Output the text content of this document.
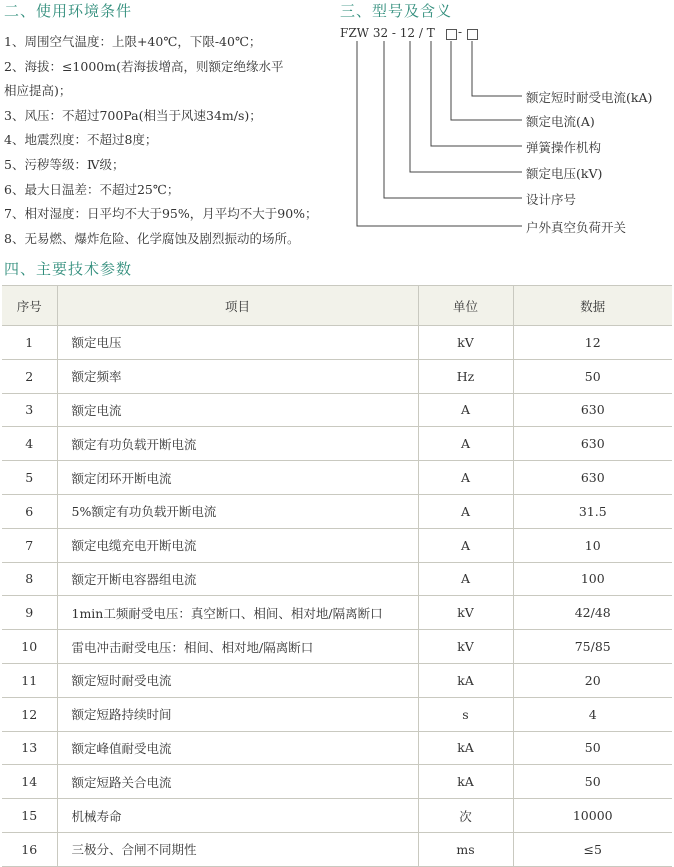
二、使用环境条件
1、周围空气温度：上限+40℃，下限-40℃；
2、海拔：≤1000m(若海拔增高，则额定绝缘水平
相应提高)；
3、风压：不超过700Pa(相当于风速34m/s)；
4、地震烈度：不超过8度；
5、污秽等级：Ⅳ级；
6、最大日温差：不超过25℃；
7、相对湿度：日平均不大于95%，月平均不大于90%；
8、无易燃、爆炸危险、化学腐蚀及剧烈振动的场所。
三、型号及含义
FZW 32 - 12 / T -
额定短时耐受电流(kA)
额定电流(A)
弹簧操作机构
额定电压(kV)
设计序号
户外真空负荷开关
四、主要技术参数
序号	项目	单位	数据
1	额定电压	kV	12
2	额定频率	Hz	50
3	额定电流	A	630
4	额定有功负载开断电流	A	630
5	额定闭环开断电流	A	630
6	5%额定有功负载开断电流	A	31.5
7	额定电缆充电开断电流	A	10
8	额定开断电容器组电流	A	100
9	1min工频耐受电压：真空断口、相间、相对地/隔离断口	kV	42/48
10	雷电冲击耐受电压：相间、相对地/隔离断口	kV	75/85
11	额定短时耐受电流	kA	20
12	额定短路持续时间	s	4
13	额定峰值耐受电流	kA	50
14	额定短路关合电流	kA	50
15	机械寿命	次	10000
16	三极分、合闸不同期性	ms	≤5
